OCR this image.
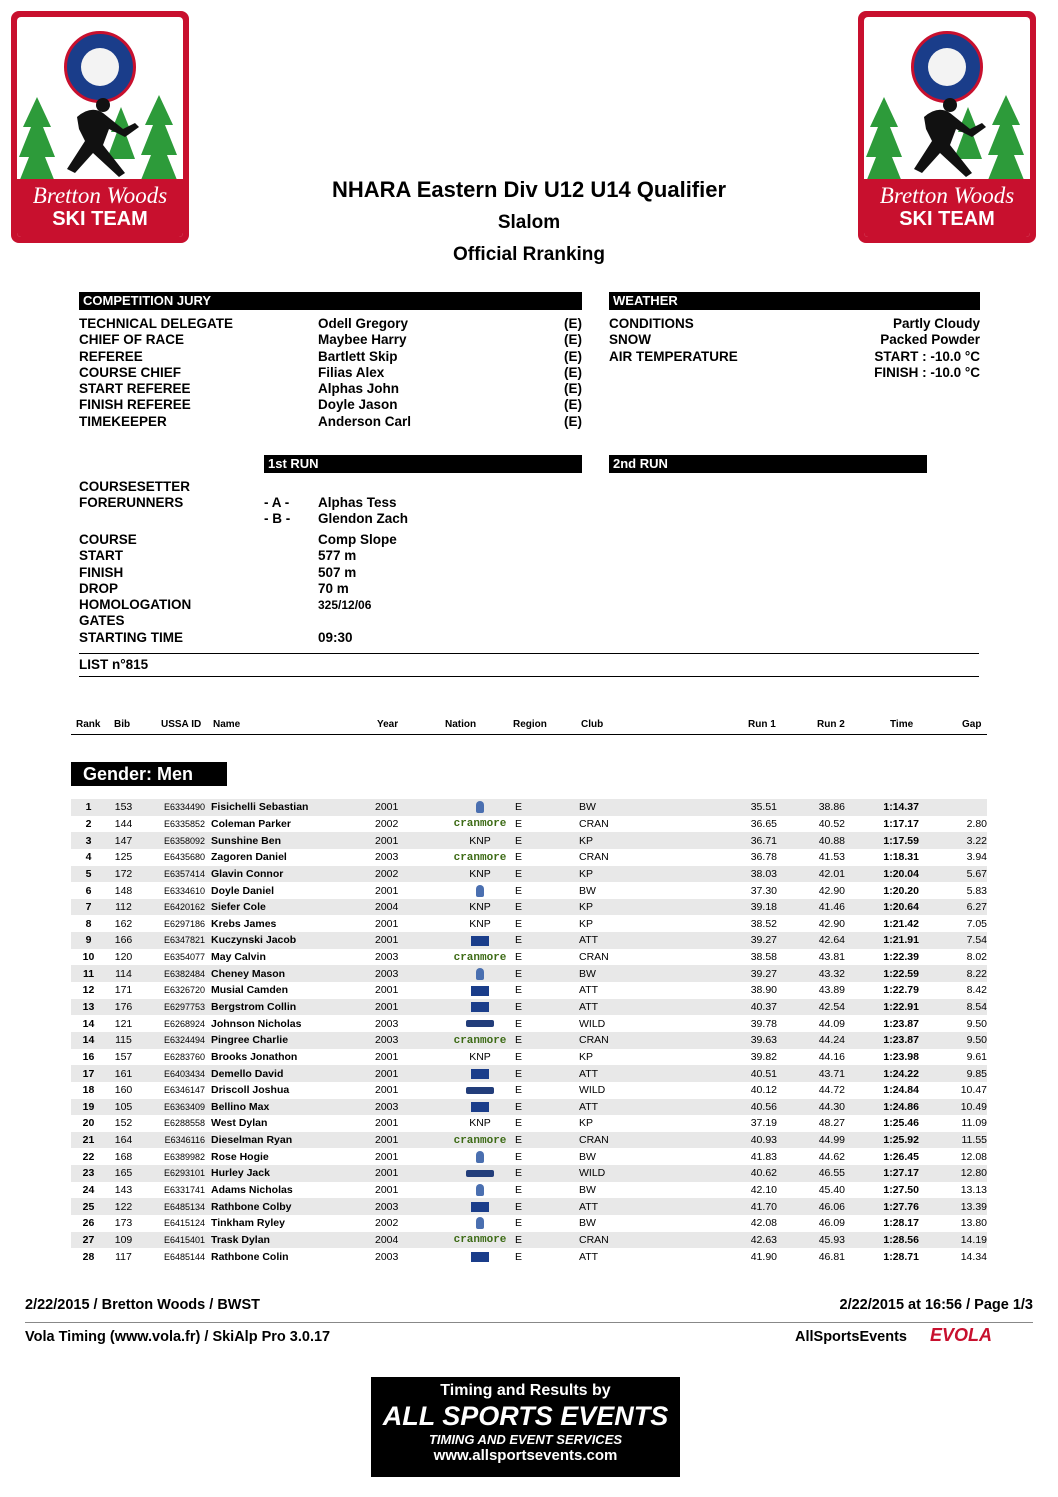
Bretton Woods
SKI TEAM
Bretton Woods
SKI TEAM
NHARA Eastern Div U12 U14 Qualifier
Slalom
Official Rranking
COMPETITION JURY
TECHNICAL DELEGATE	Odell Gregory	(E)
CHIEF OF RACE	Maybee Harry	(E)
REFEREE	Bartlett Skip	(E)
COURSE CHIEF	Filias Alex	(E)
START REFEREE	Alphas John	(E)
FINISH REFEREE	Doyle Jason	(E)
TIMEKEEPER	Anderson Carl	(E)
WEATHER
CONDITIONS	Partly Cloudy
SNOW	Packed Powder
AIR TEMPERATURE	START : -10.0 °C
FINISH : -10.0 °C
1st RUN	2nd RUN
COURSESETTER
FORERUNNERS	- A - Alphas Tess
- B - Glendon Zach
COURSE	Comp Slope
START	577 m
FINISH	507 m
DROP	70 m
HOMOLOGATION	325/12/06
GATES
STARTING TIME	09:30
LIST n°815
Rank Bib	USSA ID Name	Year	Nation	Region	Club	Run 1	Run 2	Time	Gap
Gender: Men
1	153	E6334490	Fisichelli Sebastian	2001		E	BW	35.51	38.86	1:14.37	
2	144	E6335852	Coleman Parker	2002	cranmore	E	CRAN	36.65	40.52	1:17.17	2.80
3	147	E6358092	Sunshine Ben	2001	KNP	E	KP	36.71	40.88	1:17.59	3.22
4	125	E6435680	Zagoren Daniel	2003	cranmore	E	CRAN	36.78	41.53	1:18.31	3.94
5	172	E6357414	Glavin Connor	2002	KNP	E	KP	38.03	42.01	1:20.04	5.67
6	148	E6334610	Doyle Daniel	2001		E	BW	37.30	42.90	1:20.20	5.83
7	112	E6420162	Siefer Cole	2004	KNP	E	KP	39.18	41.46	1:20.64	6.27
8	162	E6297186	Krebs James	2001	KNP	E	KP	38.52	42.90	1:21.42	7.05
9	166	E6347821	Kuczynski Jacob	2001		E	ATT	39.27	42.64	1:21.91	7.54
10	120	E6354077	May Calvin	2003	cranmore	E	CRAN	38.58	43.81	1:22.39	8.02
11	114	E6382484	Cheney Mason	2003		E	BW	39.27	43.32	1:22.59	8.22
12	171	E6326720	Musial Camden	2001		E	ATT	38.90	43.89	1:22.79	8.42
13	176	E6297753	Bergstrom Collin	2001		E	ATT	40.37	42.54	1:22.91	8.54
14	121	E6268924	Johnson Nicholas	2003		E	WILD	39.78	44.09	1:23.87	9.50
14	115	E6324494	Pingree Charlie	2003	cranmore	E	CRAN	39.63	44.24	1:23.87	9.50
16	157	E6283760	Brooks Jonathon	2001	KNP	E	KP	39.82	44.16	1:23.98	9.61
17	161	E6403434	Demello David	2001		E	ATT	40.51	43.71	1:24.22	9.85
18	160	E6346147	Driscoll Joshua	2001		E	WILD	40.12	44.72	1:24.84	10.47
19	105	E6363409	Bellino Max	2003		E	ATT	40.56	44.30	1:24.86	10.49
20	152	E6288558	West Dylan	2001	KNP	E	KP	37.19	48.27	1:25.46	11.09
21	164	E6346116	Dieselman Ryan	2001	cranmore	E	CRAN	40.93	44.99	1:25.92	11.55
22	168	E6389982	Rose Hogie	2001		E	BW	41.83	44.62	1:26.45	12.08
23	165	E6293101	Hurley Jack	2001		E	WILD	40.62	46.55	1:27.17	12.80
24	143	E6331741	Adams Nicholas	2001		E	BW	42.10	45.40	1:27.50	13.13
25	122	E6485134	Rathbone Colby	2003		E	ATT	41.70	46.06	1:27.76	13.39
26	173	E6415124	Tinkham Ryley	2002		E	BW	42.08	46.09	1:28.17	13.80
27	109	E6415401	Trask Dylan	2004	cranmore	E	CRAN	42.63	45.93	1:28.56	14.19
28	117	E6485144	Rathbone Colin	2003		E	ATT	41.90	46.81	1:28.71	14.34
2/22/2015 / Bretton Woods / BWST	2/22/2015 at 16:56 / Page 1/3
Vola Timing (www.vola.fr) / SkiAlp Pro 3.0.17	AllSportsEvents EVOLA
Timing and Results by
ALL SPORTS EVENTS
TIMING AND EVENT SERVICES
www.allsportsevents.com
